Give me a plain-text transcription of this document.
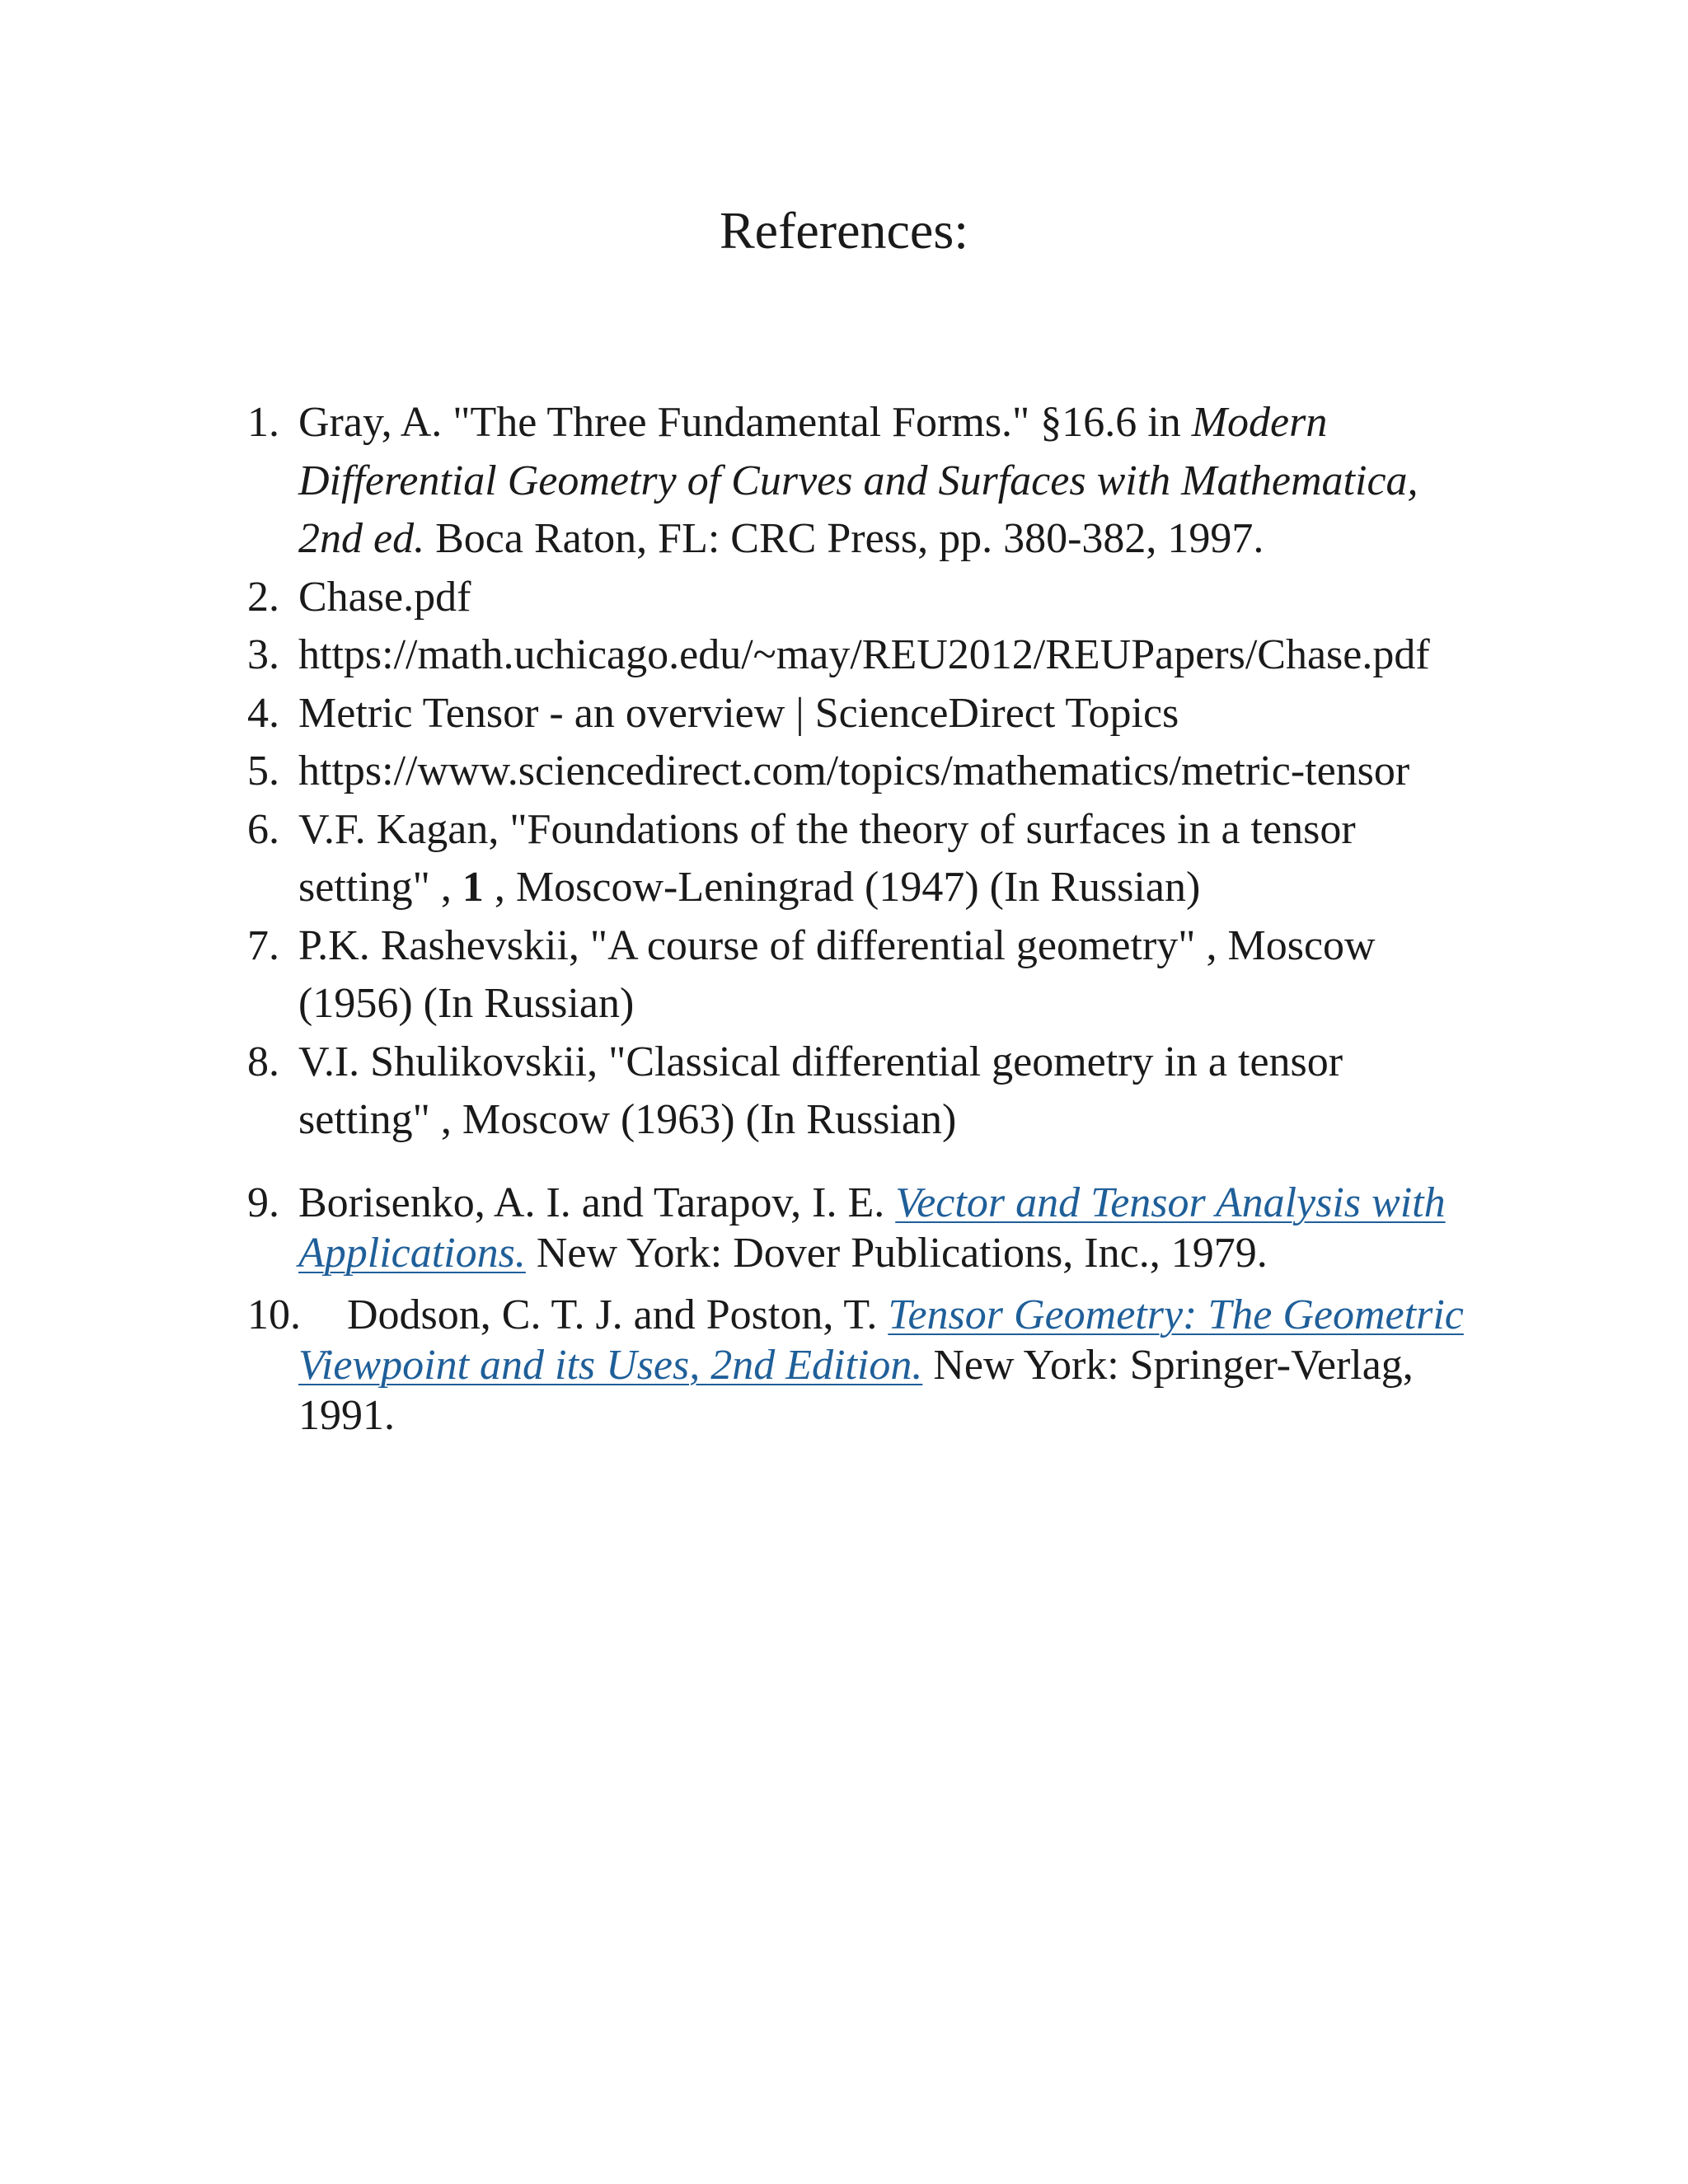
References:
1. Gray, A. "The Three Fundamental Forms." §16.6 in Modern Differential Geometry of Curves and Surfaces with Mathematica, 2nd ed. Boca Raton, FL: CRC Press, pp. 380-382, 1997.
2. Chase.pdf
3. https://math.uchicago.edu/~may/REU2012/REUPapers/Chase.pdf
4. Metric Tensor - an overview | ScienceDirect Topics
5. https://www.sciencedirect.com/topics/mathematics/metric-tensor
6. V.F. Kagan, "Foundations of the theory of surfaces in a tensor setting" , 1 , Moscow-Leningrad (1947) (In Russian)
7. P.K. Rashevskii, "A course of differential geometry" , Moscow (1956) (In Russian)
8. V.I. Shulikovskii, "Classical differential geometry in a tensor setting" , Moscow (1963) (In Russian)
9. Borisenko, A. I. and Tarapov, I. E. Vector and Tensor Analysis with Applications. New York: Dover Publications, Inc., 1979.
10. Dodson, C. T. J. and Poston, T. Tensor Geometry: The Geometric Viewpoint and its Uses, 2nd Edition. New York: Springer-Verlag, 1991.
